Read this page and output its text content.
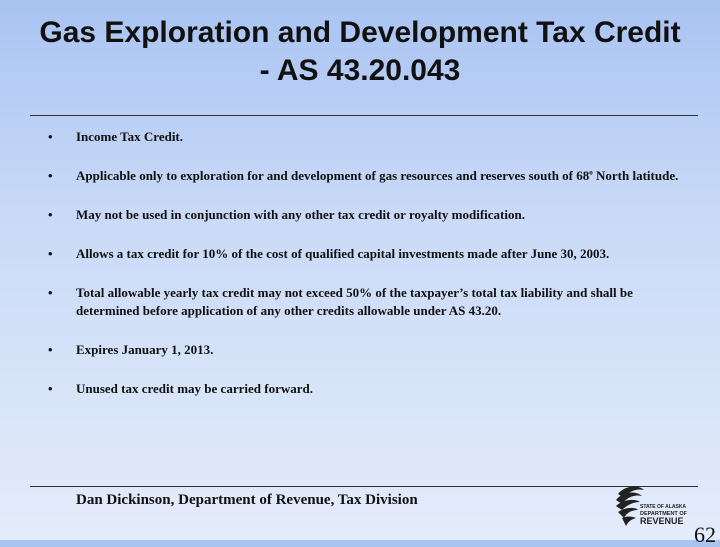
Gas Exploration and Development Tax Credit
- AS 43.20.043
• Income Tax Credit.
• Applicable only to exploration for and development of gas resources and reserves south of 68$^o$ North latitude.
• May not be used in conjunction with any other tax credit or royalty modification.
• Allows a tax credit for 10% of the cost of qualified capital investments made after June 30, 2003.
• Total allowable yearly tax credit may not exceed 50% of the taxpayer’s total tax liability and shall be determined before application of any other credits allowable under AS 43.20.
• Expires January 1, 2013.
• Unused tax credit may be carried forward.
Dan Dickinson, Department of Revenue, Tax Division	STATE OF ALASKA
DEPARTMENT OF
REVENUE
62
